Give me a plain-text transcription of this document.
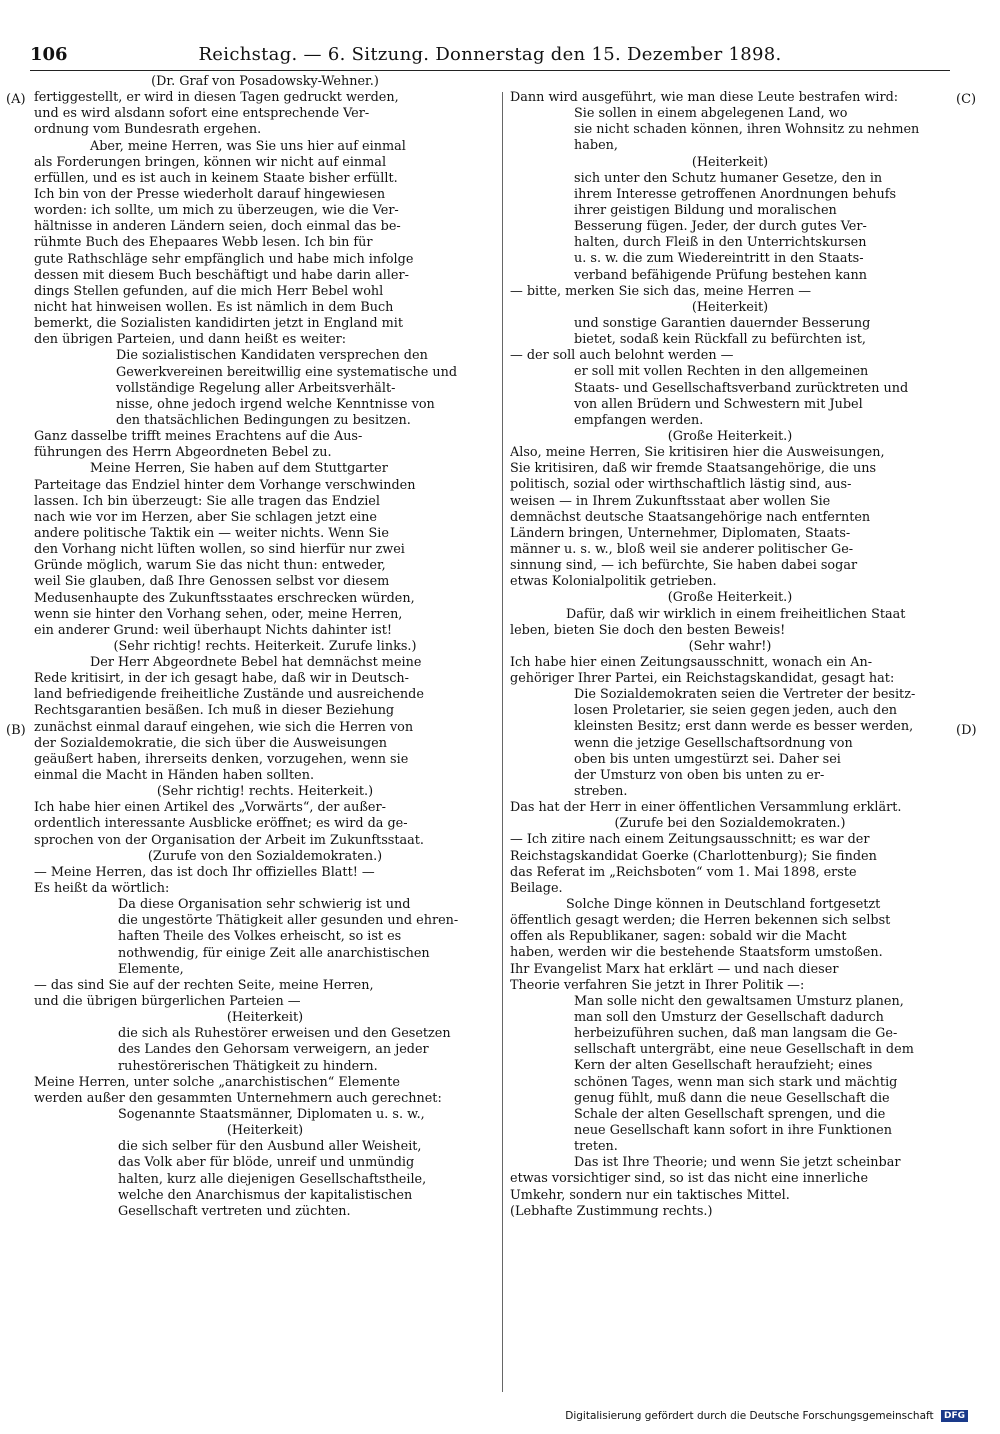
106	Reichstag. — 6. Sitzung. Donnerstag den 15. Dezember 1898.
(A)
(B)
(C)
(D)
(Dr. Graf von Posadowsky-Wehner.)
fertiggestellt, er wird in diesen Tagen gedruckt werden,
und es wird alsdann sofort eine entsprechende Ver-
ordnung vom Bundesrath ergehen.
Aber, meine Herren, was Sie uns hier auf einmal
als Forderungen bringen, können wir nicht auf einmal
erfüllen, und es ist auch in keinem Staate bisher erfüllt.
Ich bin von der Presse wiederholt darauf hingewiesen
worden: ich sollte, um mich zu überzeugen, wie die Ver-
hältnisse in anderen Ländern seien, doch einmal das be-
rühmte Buch des Ehepaares Webb lesen. Ich bin für
gute Rathschläge sehr empfänglich und habe mich infolge
dessen mit diesem Buch beschäftigt und habe darin aller-
dings Stellen gefunden, auf die mich Herr Bebel wohl
nicht hat hinweisen wollen. Es ist nämlich in dem Buch
bemerkt, die Sozialisten kandidirten jetzt in England mit
den übrigen Parteien, und dann heißt es weiter:
Die sozialistischen Kandidaten versprechen den
Gewerkvereinen bereitwillig eine systematische und
vollständige Regelung aller Arbeitsverhält-
nisse, ohne jedoch irgend welche Kenntnisse von
den thatsächlichen Bedingungen zu besitzen.
Ganz dasselbe trifft meines Erachtens auf die Aus-
führungen des Herrn Abgeordneten Bebel zu.
Meine Herren, Sie haben auf dem Stuttgarter
Parteitage das Endziel hinter dem Vorhange verschwinden
lassen. Ich bin überzeugt: Sie alle tragen das Endziel
nach wie vor im Herzen, aber Sie schlagen jetzt eine
andere politische Taktik ein — weiter nichts. Wenn Sie
den Vorhang nicht lüften wollen, so sind hierfür nur zwei
Gründe möglich, warum Sie das nicht thun: entweder,
weil Sie glauben, daß Ihre Genossen selbst vor diesem
Medusenhaupte des Zukunftsstaates erschrecken würden,
wenn sie hinter den Vorhang sehen, oder, meine Herren,
ein anderer Grund: weil überhaupt Nichts dahinter ist!
(Sehr richtig! rechts. Heiterkeit. Zurufe links.)
Der Herr Abgeordnete Bebel hat demnächst meine
Rede kritisirt, in der ich gesagt habe, daß wir in Deutsch-
land befriedigende freiheitliche Zustände und ausreichende
Rechtsgarantien besäßen. Ich muß in dieser Beziehung
zunächst einmal darauf eingehen, wie sich die Herren von
der Sozialdemokratie, die sich über die Ausweisungen
geäußert haben, ihrerseits denken, vorzugehen, wenn sie
einmal die Macht in Händen haben sollten.
(Sehr richtig! rechts. Heiterkeit.)
Ich habe hier einen Artikel des „Vorwärts“, der außer-
ordentlich interessante Ausblicke eröffnet; es wird da ge-
sprochen von der Organisation der Arbeit im Zukunftsstaat.
(Zurufe von den Sozialdemokraten.)
— Meine Herren, das ist doch Ihr offizielles Blatt! —
Es heißt da wörtlich:
Da diese Organisation sehr schwierig ist und
die ungestörte Thätigkeit aller gesunden und ehren-
haften Theile des Volkes erheischt, so ist es
nothwendig, für einige Zeit alle anarchistischen
Elemente,
— das sind Sie auf der rechten Seite, meine Herren,
und die übrigen bürgerlichen Parteien —
(Heiterkeit)
die sich als Ruhestörer erweisen und den Gesetzen
des Landes den Gehorsam verweigern, an jeder
ruhestörerischen Thätigkeit zu hindern.
Meine Herren, unter solche „anarchistischen“ Elemente
werden außer den gesammten Unternehmern auch gerechnet:
Sogenannte Staatsmänner, Diplomaten u. s. w.,
(Heiterkeit)
die sich selber für den Ausbund aller Weisheit,
das Volk aber für blöde, unreif und unmündig
halten, kurz alle diejenigen Gesellschaftstheile,
welche den Anarchismus der kapitalistischen
Gesellschaft vertreten und züchten.
Dann wird ausgeführt, wie man diese Leute bestrafen wird:
Sie sollen in einem abgelegenen Land, wo
sie nicht schaden können, ihren Wohnsitz zu nehmen
haben,
(Heiterkeit)
sich unter den Schutz humaner Gesetze, den in
ihrem Interesse getroffenen Anordnungen behufs
ihrer geistigen Bildung und moralischen
Besserung fügen. Jeder, der durch gutes Ver-
halten, durch Fleiß in den Unterrichtskursen
u. s. w. die zum Wiedereintritt in den Staats-
verband befähigende Prüfung bestehen kann
— bitte, merken Sie sich das, meine Herren —
(Heiterkeit)
und sonstige Garantien dauernder Besserung
bietet, sodaß kein Rückfall zu befürchten ist,
— der soll auch belohnt werden —
er soll mit vollen Rechten in den allgemeinen
Staats- und Gesellschaftsverband zurücktreten und
von allen Brüdern und Schwestern mit Jubel
empfangen werden.
(Große Heiterkeit.)
Also, meine Herren, Sie kritisiren hier die Ausweisungen,
Sie kritisiren, daß wir fremde Staatsangehörige, die uns
politisch, sozial oder wirthschaftlich lästig sind, aus-
weisen — in Ihrem Zukunftsstaat aber wollen Sie
demnächst deutsche Staatsangehörige nach entfernten
Ländern bringen, Unternehmer, Diplomaten, Staats-
männer u. s. w., bloß weil sie anderer politischer Ge-
sinnung sind, — ich befürchte, Sie haben dabei sogar
etwas Kolonialpolitik getrieben.
(Große Heiterkeit.)
Dafür, daß wir wirklich in einem freiheitlichen Staat
leben, bieten Sie doch den besten Beweis!
(Sehr wahr!)
Ich habe hier einen Zeitungsausschnitt, wonach ein An-
gehöriger Ihrer Partei, ein Reichstagskandidat, gesagt hat:
Die Sozialdemokraten seien die Vertreter der besitz-
losen Proletarier, sie seien gegen jeden, auch den
kleinsten Besitz; erst dann werde es besser werden,
wenn die jetzige Gesellschaftsordnung von
oben bis unten umgestürzt sei. Daher sei
der Umsturz von oben bis unten zu er-
streben.
Das hat der Herr in einer öffentlichen Versammlung erklärt.
(Zurufe bei den Sozialdemokraten.)
— Ich zitire nach einem Zeitungsausschnitt; es war der
Reichstagskandidat Goerke (Charlottenburg); Sie finden
das Referat im „Reichsboten“ vom 1. Mai 1898, erste
Beilage.
Solche Dinge können in Deutschland fortgesetzt
öffentlich gesagt werden; die Herren bekennen sich selbst
offen als Republikaner, sagen: sobald wir die Macht
haben, werden wir die bestehende Staatsform umstoßen.
Ihr Evangelist Marx hat erklärt — und nach dieser
Theorie verfahren Sie jetzt in Ihrer Politik —:
Man solle nicht den gewaltsamen Umsturz planen,
man soll den Umsturz der Gesellschaft dadurch
herbeizuführen suchen, daß man langsam die Ge-
sellschaft untergräbt, eine neue Gesellschaft in dem
Kern der alten Gesellschaft heraufzieht; eines
schönen Tages, wenn man sich stark und mächtig
genug fühlt, muß dann die neue Gesellschaft die
Schale der alten Gesellschaft sprengen, und die
neue Gesellschaft kann sofort in ihre Funktionen
treten.
Das ist Ihre Theorie; und wenn Sie jetzt scheinbar
etwas vorsichtiger sind, so ist das nicht eine innerliche
Umkehr, sondern nur ein taktisches Mittel.
(Lebhafte Zustimmung rechts.)
Digitalisierung gefördert durch die Deutsche Forschungsgemeinschaft DFG
